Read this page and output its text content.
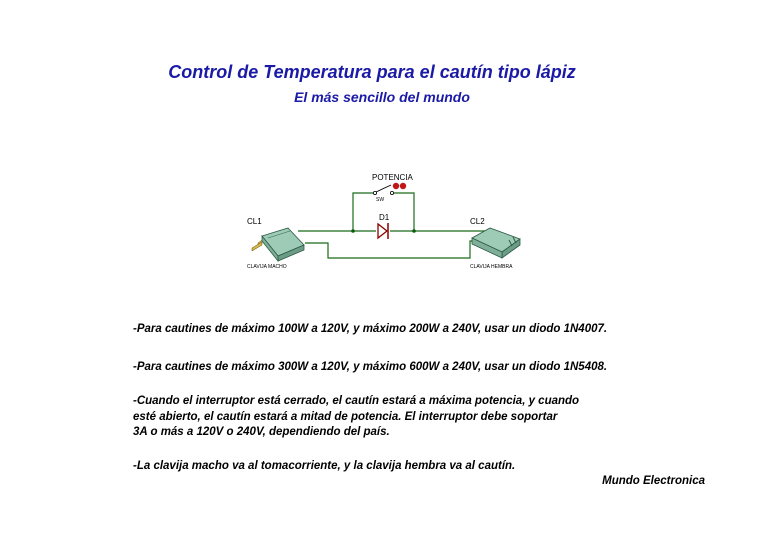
Control de Temperatura para el cautín tipo lápiz
El más sencillo del mundo
D1
POTENCIA
SW
CL1
CLAVIJA MACHO
CL2
CLAVIJA HEMBRA
-Para cautines de máximo 100W a 120V, y máximo 200W a 240V, usar un diodo 1N4007.
-Para cautines de máximo 300W a 120V, y máximo 600W a 240V, usar un diodo 1N5408.
-Cuando el interruptor está cerrado, el cautín estará a máxima potencia, y cuando
esté abierto, el cautín estará a mitad de potencia. El interruptor debe soportar
3A o más a 120V o 240V, dependiendo del país.
-La clavija macho va al tomacorriente, y la clavija hembra va al cautín.
Mundo Electronica
